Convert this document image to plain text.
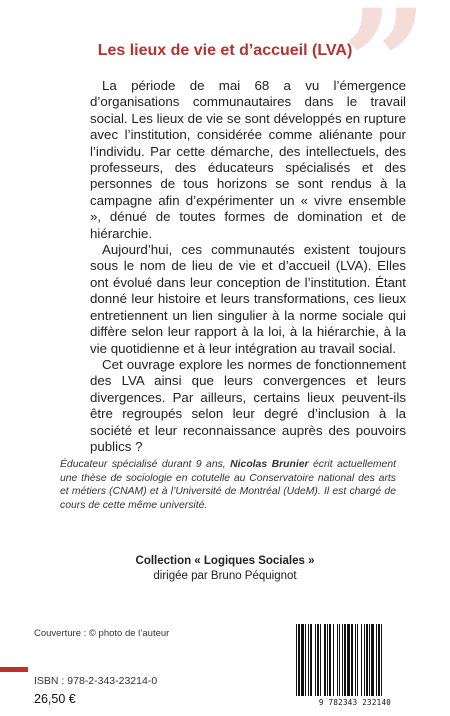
”
Les lieux de vie et d’accueil (LVA)

La période de mai 68 a vu l’émergence d’organisations communautaires dans le travail social. Les lieux de vie se sont développés en rupture avec l’institution, considérée comme aliénante pour l’individu. Par cette démarche, des intellectuels, des professeurs, des éducateurs spécialisés et des personnes de tous horizons se sont rendus à la campagne afin d’expérimenter un « vivre ensemble », dénué de toutes formes de domination et de hiérarchie.

Aujourd’hui, ces communautés existent toujours sous le nom de lieu de vie et d’accueil (LVA). Elles ont évolué dans leur conception de l’institution. Étant donné leur histoire et leurs transformations, ces lieux entretiennent un lien singulier à la norme sociale qui diffère selon leur rapport à la loi, à la hiérarchie, à la vie quotidienne et à leur intégration au travail social.

Cet ouvrage explore les normes de fonctionnement des LVA ainsi que leurs convergences et leurs divergences. Par ailleurs, certains lieux peuvent-ils être regroupés selon leur degré d’inclusion à la société et leur reconnaissance auprès des pouvoirs publics ?

Éducateur spécialisé durant 9 ans, Nicolas Brunier écrit actuellement une thèse de sociologie en cotutelle au Conservatoire national des arts et métiers (CNAM) et à l’Université de Montréal (UdeM). Il est chargé de cours de cette même université.
Collection « Logiques Sociales »
dirigée par Bruno Péquignot
Couverture : © photo de l’auteur
ISBN : 978-2-343-23214-0
26,50 €	9 782343 232140
